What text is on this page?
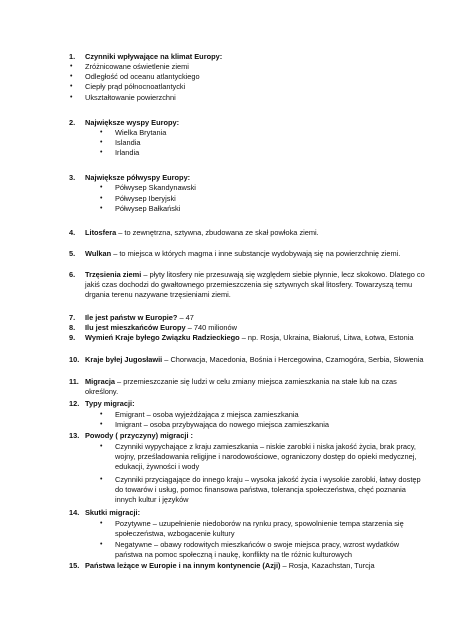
1. Czynniki wpływające na klimat Europy:
• Zróżnicowane oświetlenie ziemi
• Odległość od oceanu atlantyckiego
• Ciepły prąd północnoatlantycki
• Ukształtowanie powierzchni
2. Największe wyspy Europy:
• Wielka Brytania
• Islandia
• Irlandia
3. Największe półwyspy Europy:
• Półwysep Skandynawski
• Półwysep Iberyjski
• Półwysep Bałkański
4. Litosfera – to zewnętrzna, sztywna, zbudowana ze skał powłoka ziemi.
5. Wulkan – to miejsca w których magma i inne substancje wydobywają się na powierzchnię ziemi.
6. Trzęsienia ziemi – płyty litosfery nie przesuwają się względem siebie płynnie, lecz skokowo. Dlatego co jakiś czas dochodzi do gwałtownego przemieszczenia się sztywnych skał litosfery. Towarzyszą temu drgania terenu nazywane trzęsieniami ziemi.
7. Ile jest państw w Europie? – 47
8. Ilu jest mieszkańców Europy – 740 milionów
9. Wymień Kraje byłego Związku Radzieckiego – np. Rosja, Ukraina, Białoruś, Litwa, Łotwa, Estonia
10. Kraje byłej Jugosławii – Chorwacja, Macedonia, Bośnia i Hercegowina, Czarnogóra, Serbia, Słowenia
11. Migracja – przemieszczanie się ludzi w celu zmiany miejsca zamieszkania na stałe lub na czas określony.
12. Typy migracji:
• Emigrant – osoba wyjeżdżająca z miejsca zamieszkania
• Imigrant – osoba przybywająca do nowego miejsca zamieszkania
13. Powody ( przyczyny) migracji :
• Czynniki wypychające z kraju zamieszkania – niskie zarobki i niska jakość życia, brak pracy, wojny, prześladowania religijne i narodowościowe, ograniczony dostęp do opieki medycznej, edukacji, żywności i wody
• Czynniki przyciągające do innego kraju – wysoka jakość życia i wysokie zarobki, łatwy dostęp do towarów i usług, pomoc finansowa państwa, tolerancja społeczeństwa, chęć poznania innych kultur i języków
14. Skutki migracji:
• Pozytywne – uzupełnienie niedoborów na rynku pracy, spowolnienie tempa starzenia się społeczeństwa, wzbogacenie kultury
• Negatywne – obawy rodowitych mieszkańców o swoje miejsca pracy, wzrost wydatków państwa na pomoc społeczną i naukę, konflikty na tle różnic kulturowych
15. Państwa leżące w Europie i na innym kontynencie (Azji) – Rosja, Kazachstan, Turcja
